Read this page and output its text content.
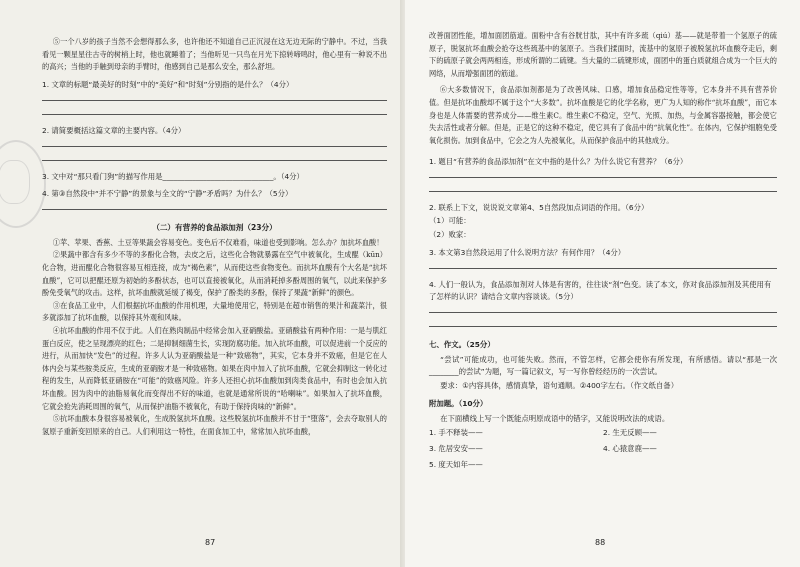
⑤一个八岁的孩子当然不会想得那么多，也许他还不知道自己正沉浸在这无边无际的宁静中。不过，当我看见一颗星星往古寺的树梢上时，他也就睡着了；当他听见一只鸟在月光下掠转啼鸣时，他心里有一种说不出的高兴；当他的手触到母亲的手臂时，他感到自己是那么安全，那么舒坦。

1. 文章的标题“最美好的时刻”中的“美好”和“时刻”分别指的是什么？（4分）
2. 请简要概括这篇文章的主要内容。（4分）
3. 文中对“那只看门狗”的描写作用是______________________________。（4分）
4. 第③自然段中“并不宁静”的景象与全文的“宁静”矛盾吗？为什么？（5分）
（二）有营养的食品添加剂（23分）

①苹、苹果、香蕉、土豆等果蔬会容易变色。变色后不仅难看，味道也受到影响。怎么办？加抗坏血酸！

②果蔬中都含有多少不等的多酚化合物，去皮之后，这些化合物就暴露在空气中被氧化，生成醌（kūn）化合物，进而醌化合物很容易互相连接，成为“褐色素”，从而使这些食物变色。而抗坏血酸有个大名是“抗坏血酸”，它可以把醌还原为初始的多酚状态，也可以直接被氧化，从而消耗掉多酚周围的氧气，以此来保护多酚免受氧气的攻击。这样，抗坏血酸就延缓了褐变，保护了酚类的多酚，保持了果蔬“新鲜”的颜色。

③在食品工业中，人们根据抗坏血酸的作用机理，大量地使用它，特别是在超市销售的果汁和蔬菜汁，很多就添加了抗坏血酸，以保持其外观和风味。

④抗坏血酸的作用不仅于此。人们在熟肉制品中经常会加入亚硝酸盐。亚硝酸盐有两种作用：一是与肌红蛋白反应，使之呈现漂亮的红色；二是抑制细菌生长，实现防腐功能。加入抗坏血酸，可以促进前一个反应的进行，从而加快“发色”的过程。许多人认为亚硝酸盐是一种“致癌物”，其实，它本身并不致癌，但是它在人体内会与某些胺类反应，生成的亚硝胺才是一种致癌物。如果在肉中加入了抗坏血酸，它就会抑制这一转化过程的发生，从而降低亚硝胺在“可能”的致癌风险。许多人还担心抗坏血酸加到肉类食品中，有时也会加入抗坏血酸。因为肉中的油脂易氧化而变得出不好的味道，也就是通常所说的“哈喇味”。如果加入了抗坏血酸，它就会抢先消耗周围的氧气，从而保护油脂不被氧化，有助于保持肉味的“新鲜”。

⑤抗坏血酸本身很容易被氧化，生成脱氢抗坏血酸。这些脱氢抗坏血酸并不甘于“堕落”，会去夺取别人的氢原子重新变回原来的自己。人们利用这一特性，在面食加工中，常常加入抗坏血酸，

87

改善面团性能，增加面团筋道。面粉中含有谷胱甘肽，其中有许多巯（qiú）基——就是带着一个氢原子的硫原子，脱氢抗坏血酸会抢夺这些巯基中的氢原子。当我们揉面时，流基中的氢原子被脱氢抗坏血酸夺走后，剩下的硫原子就会两两相连，形成所谓的二硫键。当大量的二硫键形成，面团中的蛋白质就组合成为一个巨大的网络，从而增强面团的筋道。

⑥大多数情况下，食品添加剂都是为了改善风味、口感，增加食品稳定性等等，它本身并不具有营养价值。但是抗坏血酸却不属于这个“大多数”。抗坏血酸是它的化学名称，更广为人知的称作“抗坏血酸”，而它本身也是人体需要的营养成分——维生素C。维生素C不稳定，空气、光照、加热，与金属容器接触，都会使它失去活性或者分解。但是，正是它的这种不稳定，使它具有了食品中的“抗氧化性”。在体内，它保护细胞免受氧化损伤。加到食品中，它会之为人先被氧化，从而保护食品中的其他成分。

1. 题目“有营养的食品添加剂”在文中指的是什么？为什么说它有营养？（6分）
2. 联系上下文，说说说文章第4、5自然段加点词语的作用。（6分）
（1）可能：
（2）败家：
3. 本文第3自然段运用了什么说明方法？有何作用？（4分）
4. 人们一般认为，食品添加剂对人体是有害的，往往谈“剂”色变。读了本文，你对食品添加剂及其使用有了怎样的认识？请结合文章内容谈谈。（5分）
七、作文。（25分）

“尝试”可能成功，也可能失败。然而，不管怎样，它都会使你有所发现，有所感悟。请以“那是一次________的尝试”为题，写一篇记叙文，写一写你曾经经历的一次尝试。

要求：①内容具体，感情真挚，语句通顺。②400字左右。（作文纸自备）

附加题。（10分）

在下面横线上写一个既能点明原成语中的错字，又能说明改法的成语。

1. 手不释装——	2. 生无反顾——
3. 危居安安——	4. 心猿意鹿——
5. 度天如年——
88
